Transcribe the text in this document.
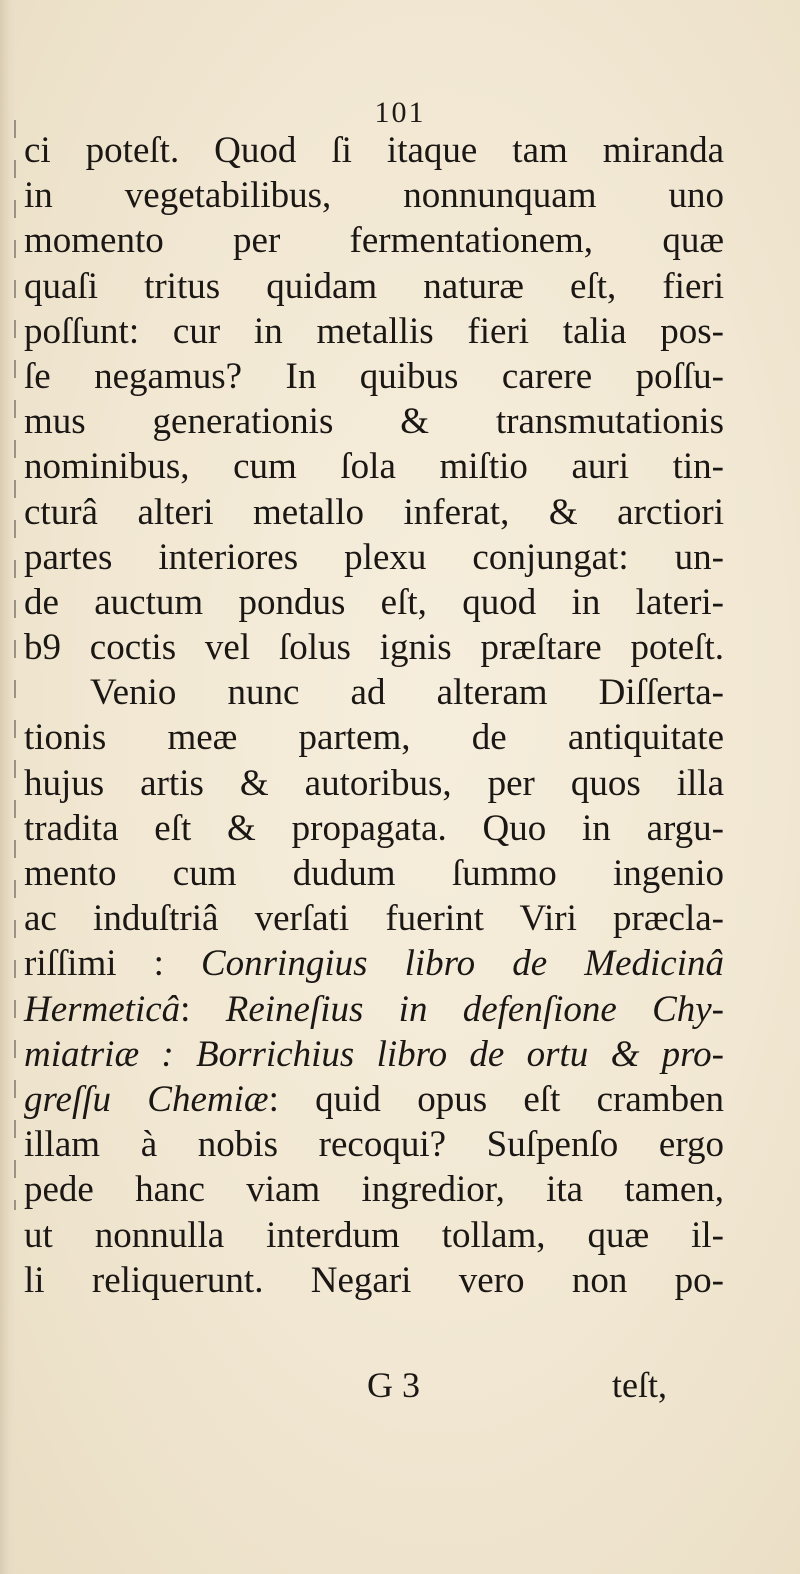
101
ci poteſt. Quod ſi itaque tam miranda
in vegetabilibus, nonnunquam uno
momento per fermentationem, quæ
quaſi tritus quidam naturæ eſt, fieri
poſſunt: cur in metallis fieri talia pos-
ſe negamus? In quibus carere poſſu-
mus generationis & transmutationis
nominibus, cum ſola miſtio auri tin-
cturâ alteri metallo inferat, & arctiori
partes interiores plexu conjungat: un-
de auctum pondus eſt, quod in lateri-
b9 coctis vel ſolus ignis præſtare poteſt.
Venio nunc ad alteram Diſſerta-
tionis meæ partem, de antiquitate
hujus artis & autoribus, per quos illa
tradita eſt & propagata. Quo in argu-
mento cum dudum ſummo ingenio
ac induſtriâ verſati fuerint Viri præcla-
riſſimi : Conringius libro de Medicinâ
Hermeticâ: Reineſius in defenſione Chy-
miatriæ : Borrichius libro de ortu & pro-
greſſu Chemiæ: quid opus eſt cramben
illam à nobis recoqui? Suſpenſo ergo
pede hanc viam ingredior, ita tamen,
ut nonnulla interdum tollam, quæ il-
li reliquerunt. Negari vero non po-
G 3	teſt,
